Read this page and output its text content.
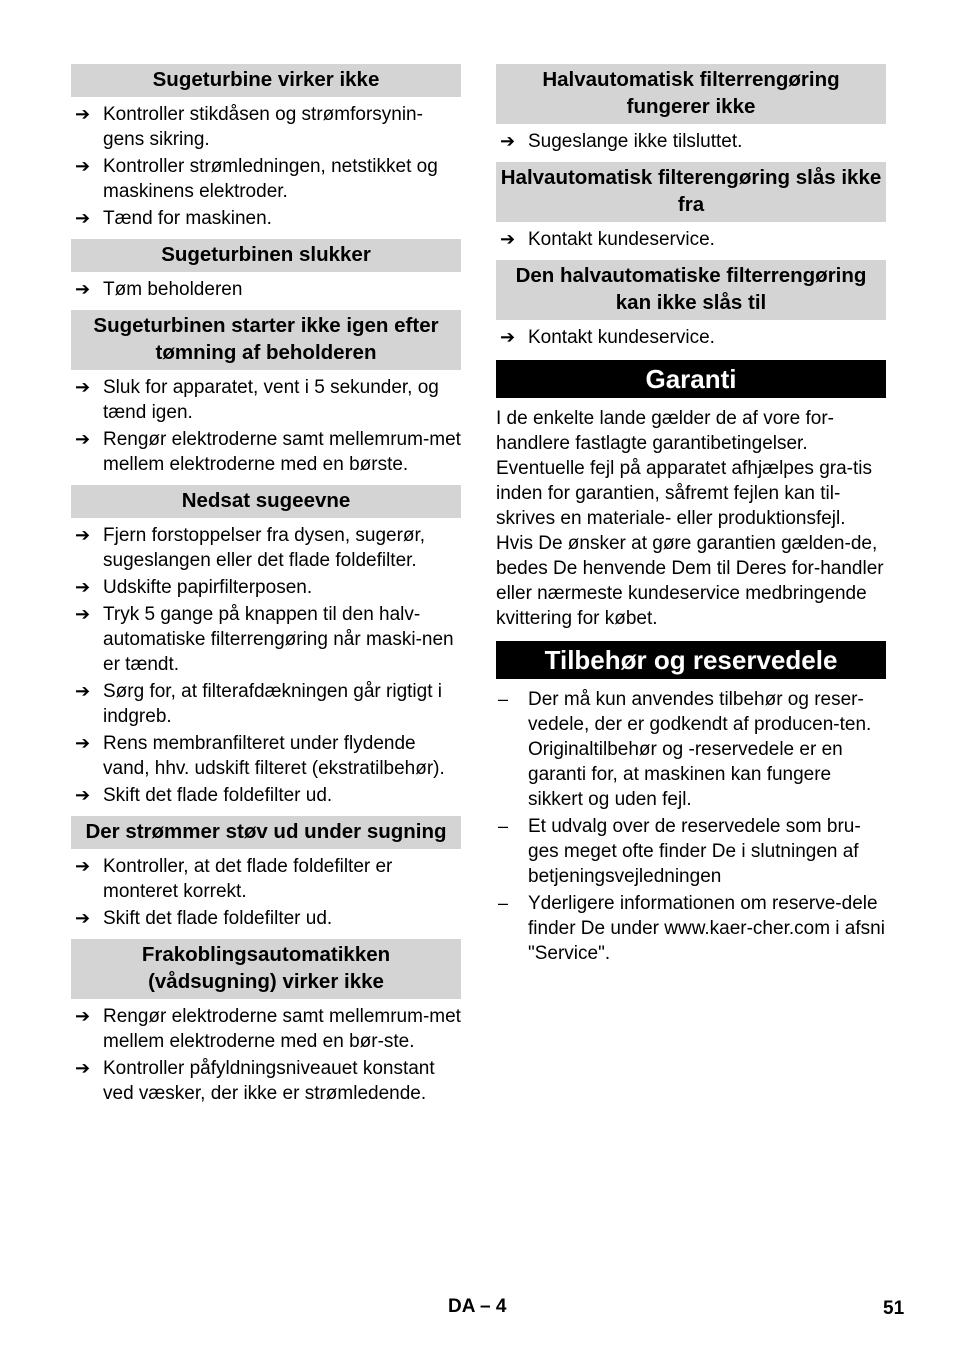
Sugeturbine virker ikke
➔ Kontroller stikdåsen og strømforsynin-gens sikring.
➔ Kontroller strømledningen, netstikket og maskinens elektroder.
➔ Tænd for maskinen.
Sugeturbinen slukker
➔ Tøm beholderen
Sugeturbinen starter ikke igen efter tømning af beholderen
➔ Sluk for apparatet, vent i 5 sekunder, og tænd igen.
➔ Rengør elektroderne samt mellemrum-met mellem elektroderne med en børste.
Nedsat sugeevne
➔ Fjern forstoppelser fra dysen, sugerør, sugeslangen eller det flade foldefilter.
➔ Udskifte papirfilterposen.
➔ Tryk 5 gange på knappen til den halv-automatiske filterrengøring når maski-nen er tændt.
➔ Sørg for, at filterafdækningen går rigtigt i indgreb.
➔ Rens membranfilteret under flydende vand, hhv. udskift filteret (ekstratilbehør).
➔ Skift det flade foldefilter ud.
Der strømmer støv ud under sugning
➔ Kontroller, at det flade foldefilter er monteret korrekt.
➔ Skift det flade foldefilter ud.
Frakoblingsautomatikken (vådsugning) virker ikke
➔ Rengør elektroderne samt mellemrum-met mellem elektroderne med en bør-ste.
➔ Kontroller påfyldningsniveauet konstant ved væsker, der ikke er strømledende.
Halvautomatisk filterrengøring fungerer ikke
➔ Sugeslange ikke tilsluttet.
Halvautomatisk filterengøring slås ikke fra
➔ Kontakt kundeservice.
Den halvautomatiske filterrengøring kan ikke slås til
➔ Kontakt kundeservice.
Garanti
I de enkelte lande gælder de af vore for-handlere fastlagte garantibetingelser. Eventuelle fejl på apparatet afhjælpes gra-tis inden for garantien, såfremt fejlen kan til-skrives en materiale- eller produktionsfejl. Hvis De ønsker at gøre garantien gælden-de, bedes De henvende Dem til Deres for-handler eller nærmeste kundeservice medbringende kvittering for købet.
Tilbehør og reservedele
–	Der må kun anvendes tilbehør og reser-vedele, der er godkendt af producen-ten. Originaltilbehør og -reservedele er en garanti for, at maskinen kan fungere sikkert og uden fejl.
–	Et udvalg over de reservedele som bru-ges meget ofte finder De i slutningen af betjeningsvejledningen
–	Yderligere informationen om reserve-dele finder De under www.kaer-cher.com i afsni "Service".
DA – 4	51
